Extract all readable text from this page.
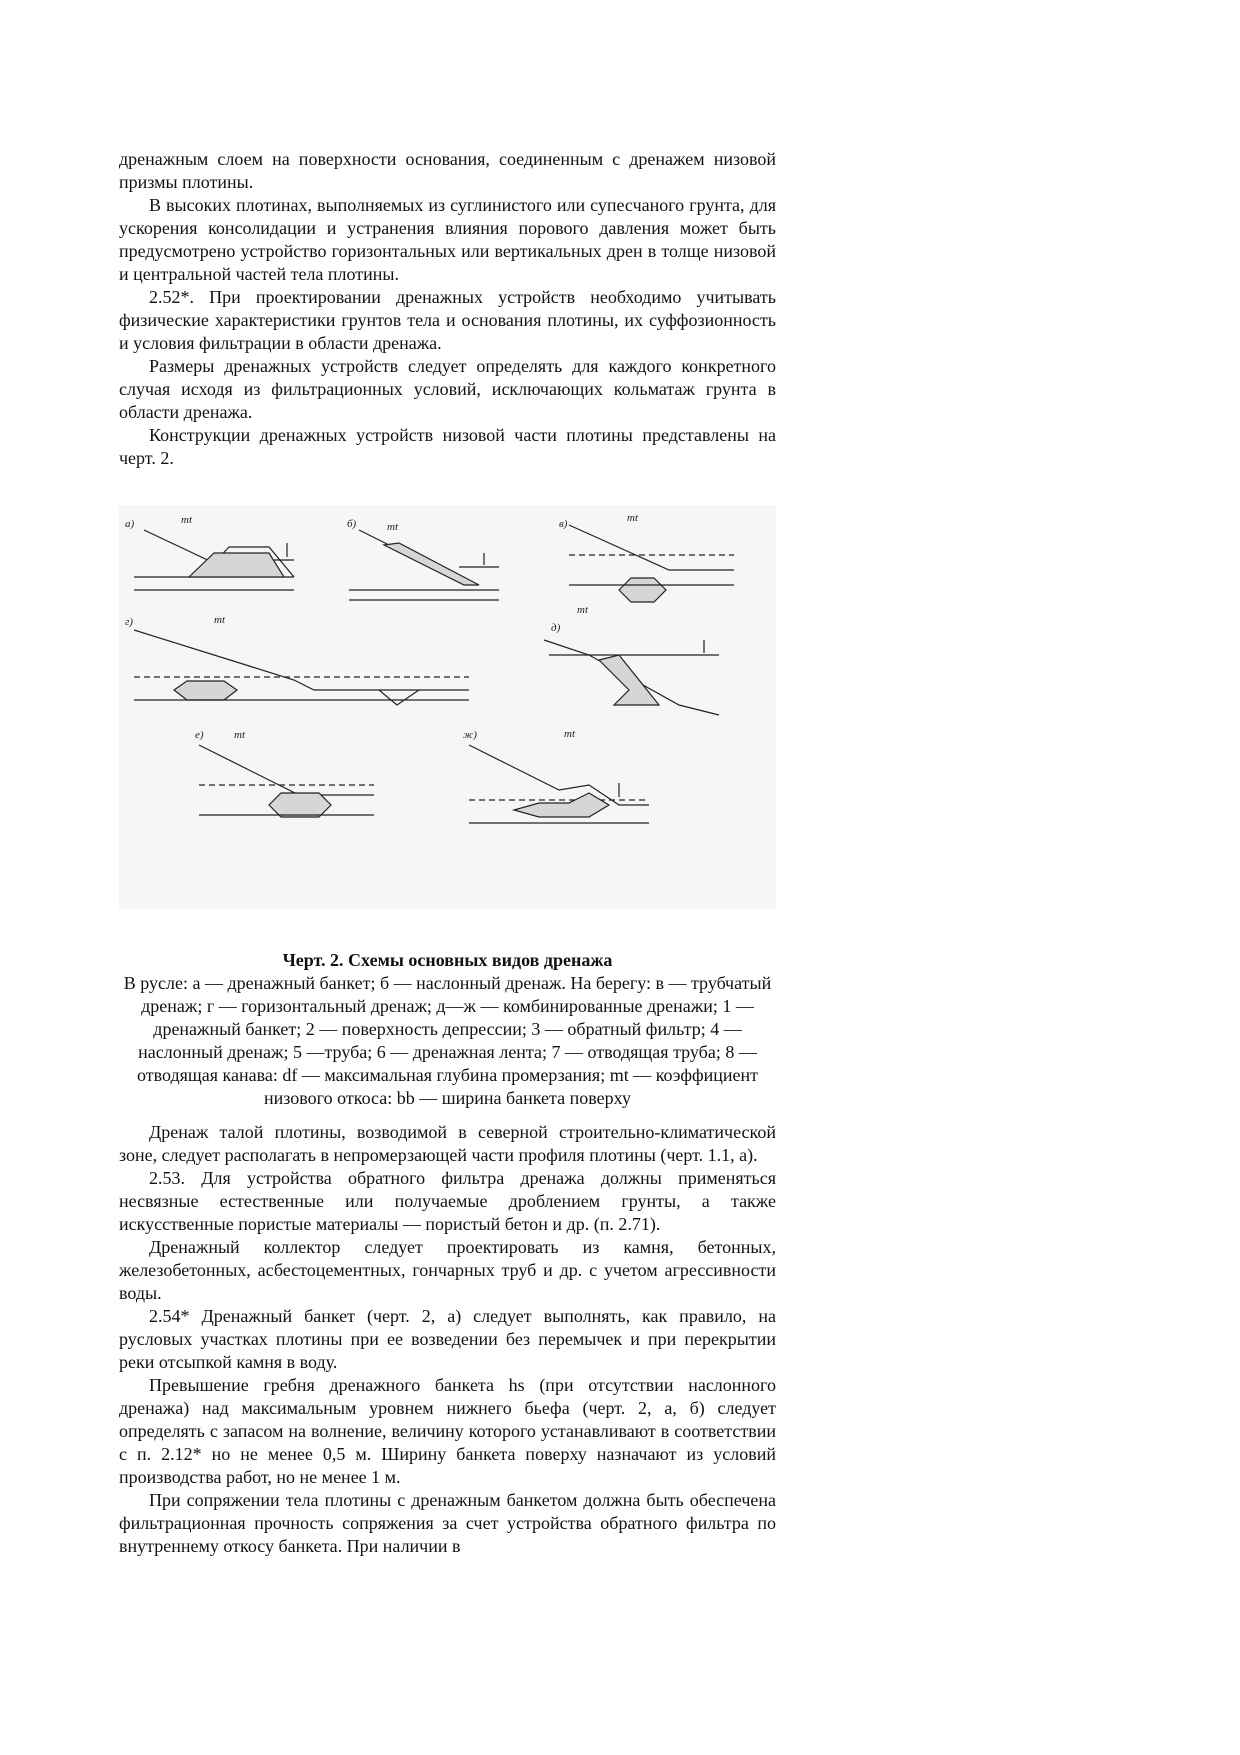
дренажным слоем на поверхности основания, соединенным с дренажем низовой призмы плотины.

В высоких плотинах, выполняемых из суглинистого или супесчаного грунта, для ускорения консолидации и устранения влияния порового давления может быть предусмотрено устройство горизонтальных или вертикальных дрен в толще низовой и центральной частей тела плотины.

2.52*. При проектировании дренажных устройств необходимо учитывать физические характеристики грунтов тела и основания плотины, их суффозионность и условия фильтрации в области дренажа.

Размеры дренажных устройств следует определять для каждого конкретного случая исходя из фильтрационных условий, исключающих кольматаж грунта в области дренажа.

Конструкции дренажных устройств низовой части плотины представлены на черт. 2.

а)	б)	в)
г)	д)
е)	ж)
mt
mt
mt
mt
mt
mt	mt
Черт. 2. Схемы основных видов дренажа
В русле: а — дренажный банкет; б — наслонный дренаж. На берегу: в — трубчатый дренаж; г — горизонтальный дренаж; д—ж — комбинированные дренажи; 1 — дренажный банкет; 2 — поверхность депрессии; 3 — обратный фильтр; 4 — наслонный дренаж; 5 —труба; 6 — дренажная лента; 7 — отводящая труба; 8 — отводящая канава: df — максимальная глубина промерзания; mt — коэффициент низового откоса: bb — ширина банкета поверху

Дренаж талой плотины, возводимой в северной строительно-климатической зоне, следует располагать в непромерзающей части профиля плотины (черт. 1.1, а).

2.53. Для устройства обратного фильтра дренажа должны применяться несвязные естественные или получаемые дроблением грунты, а также искусственные пористые материалы — пористый бетон и др. (п. 2.71).

Дренажный коллектор следует проектировать из камня, бетонных, железобетонных, асбестоцементных, гончарных труб и др. с учетом агрессивности воды.

2.54* Дренажный банкет (черт. 2, а) следует выполнять, как правило, на русловых участках плотины при ее возведении без перемычек и при перекрытии реки отсыпкой камня в воду.

Превышение гребня дренажного банкета hs (при отсутствии наслонного дренажа) над максимальным уровнем нижнего бьефа (черт. 2, а, б) следует определять с запасом на волнение, величину которого устанавливают в соответствии с п. 2.12* но не менее 0,5 м. Ширину банкета поверху назначают из условий производства работ, но не менее 1 м.

При сопряжении тела плотины с дренажным банкетом должна быть обеспечена фильтрационная прочность сопряжения за счет устройства обратного фильтра по внутреннему откосу банкета. При наличии в
